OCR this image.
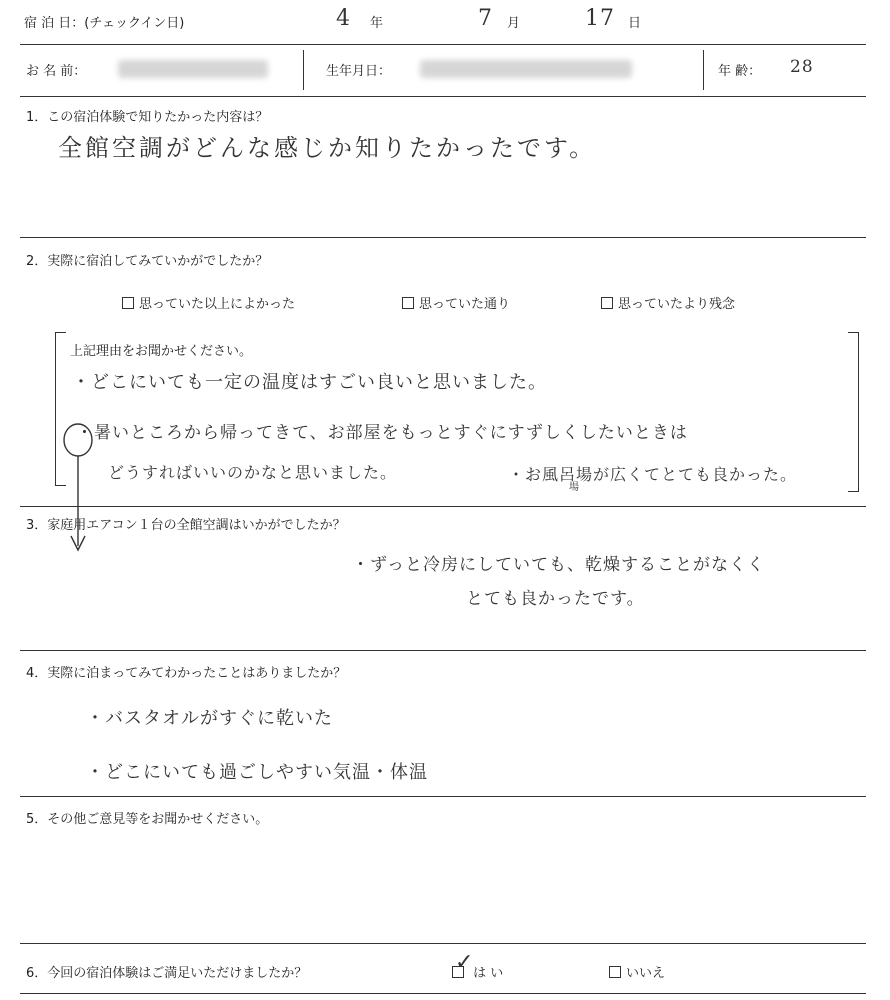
宿 泊 日：(チェックイン日)	4 年	7 月	17 日
お 名 前：	生年月日：	年 齢： 28
1．この宿泊体験で知りたかった内容は？
全館空調がどんな感じか知りたかったです。
2．実際に宿泊してみていかがでしたか？
思っていた以上によかった	思っていた通り	思っていたより残念
上記理由をお聞かせください。
・どこにいても一定の温度はすごい良いと思いました。
・暑いところから帰ってきて、お部屋をもっとすぐにすずしくしたいときは
どうすればいいのかなと思いました。	・お風呂場が広くてとても良かった。
場
3．家庭用エアコン１台の全館空調はいかがでしたか？
・ずっと冷房にしていても、乾燥することがなくく
とても良かったです。
4．実際に泊まってみてわかったことはありましたか？
・バスタオルがすぐに乾いた
・どこにいても過ごしやすい気温・体温
5．その他ご意見等をお聞かせください。
6．今回の宿泊体験はご満足いただけましたか？	は い
✓	いいえ
